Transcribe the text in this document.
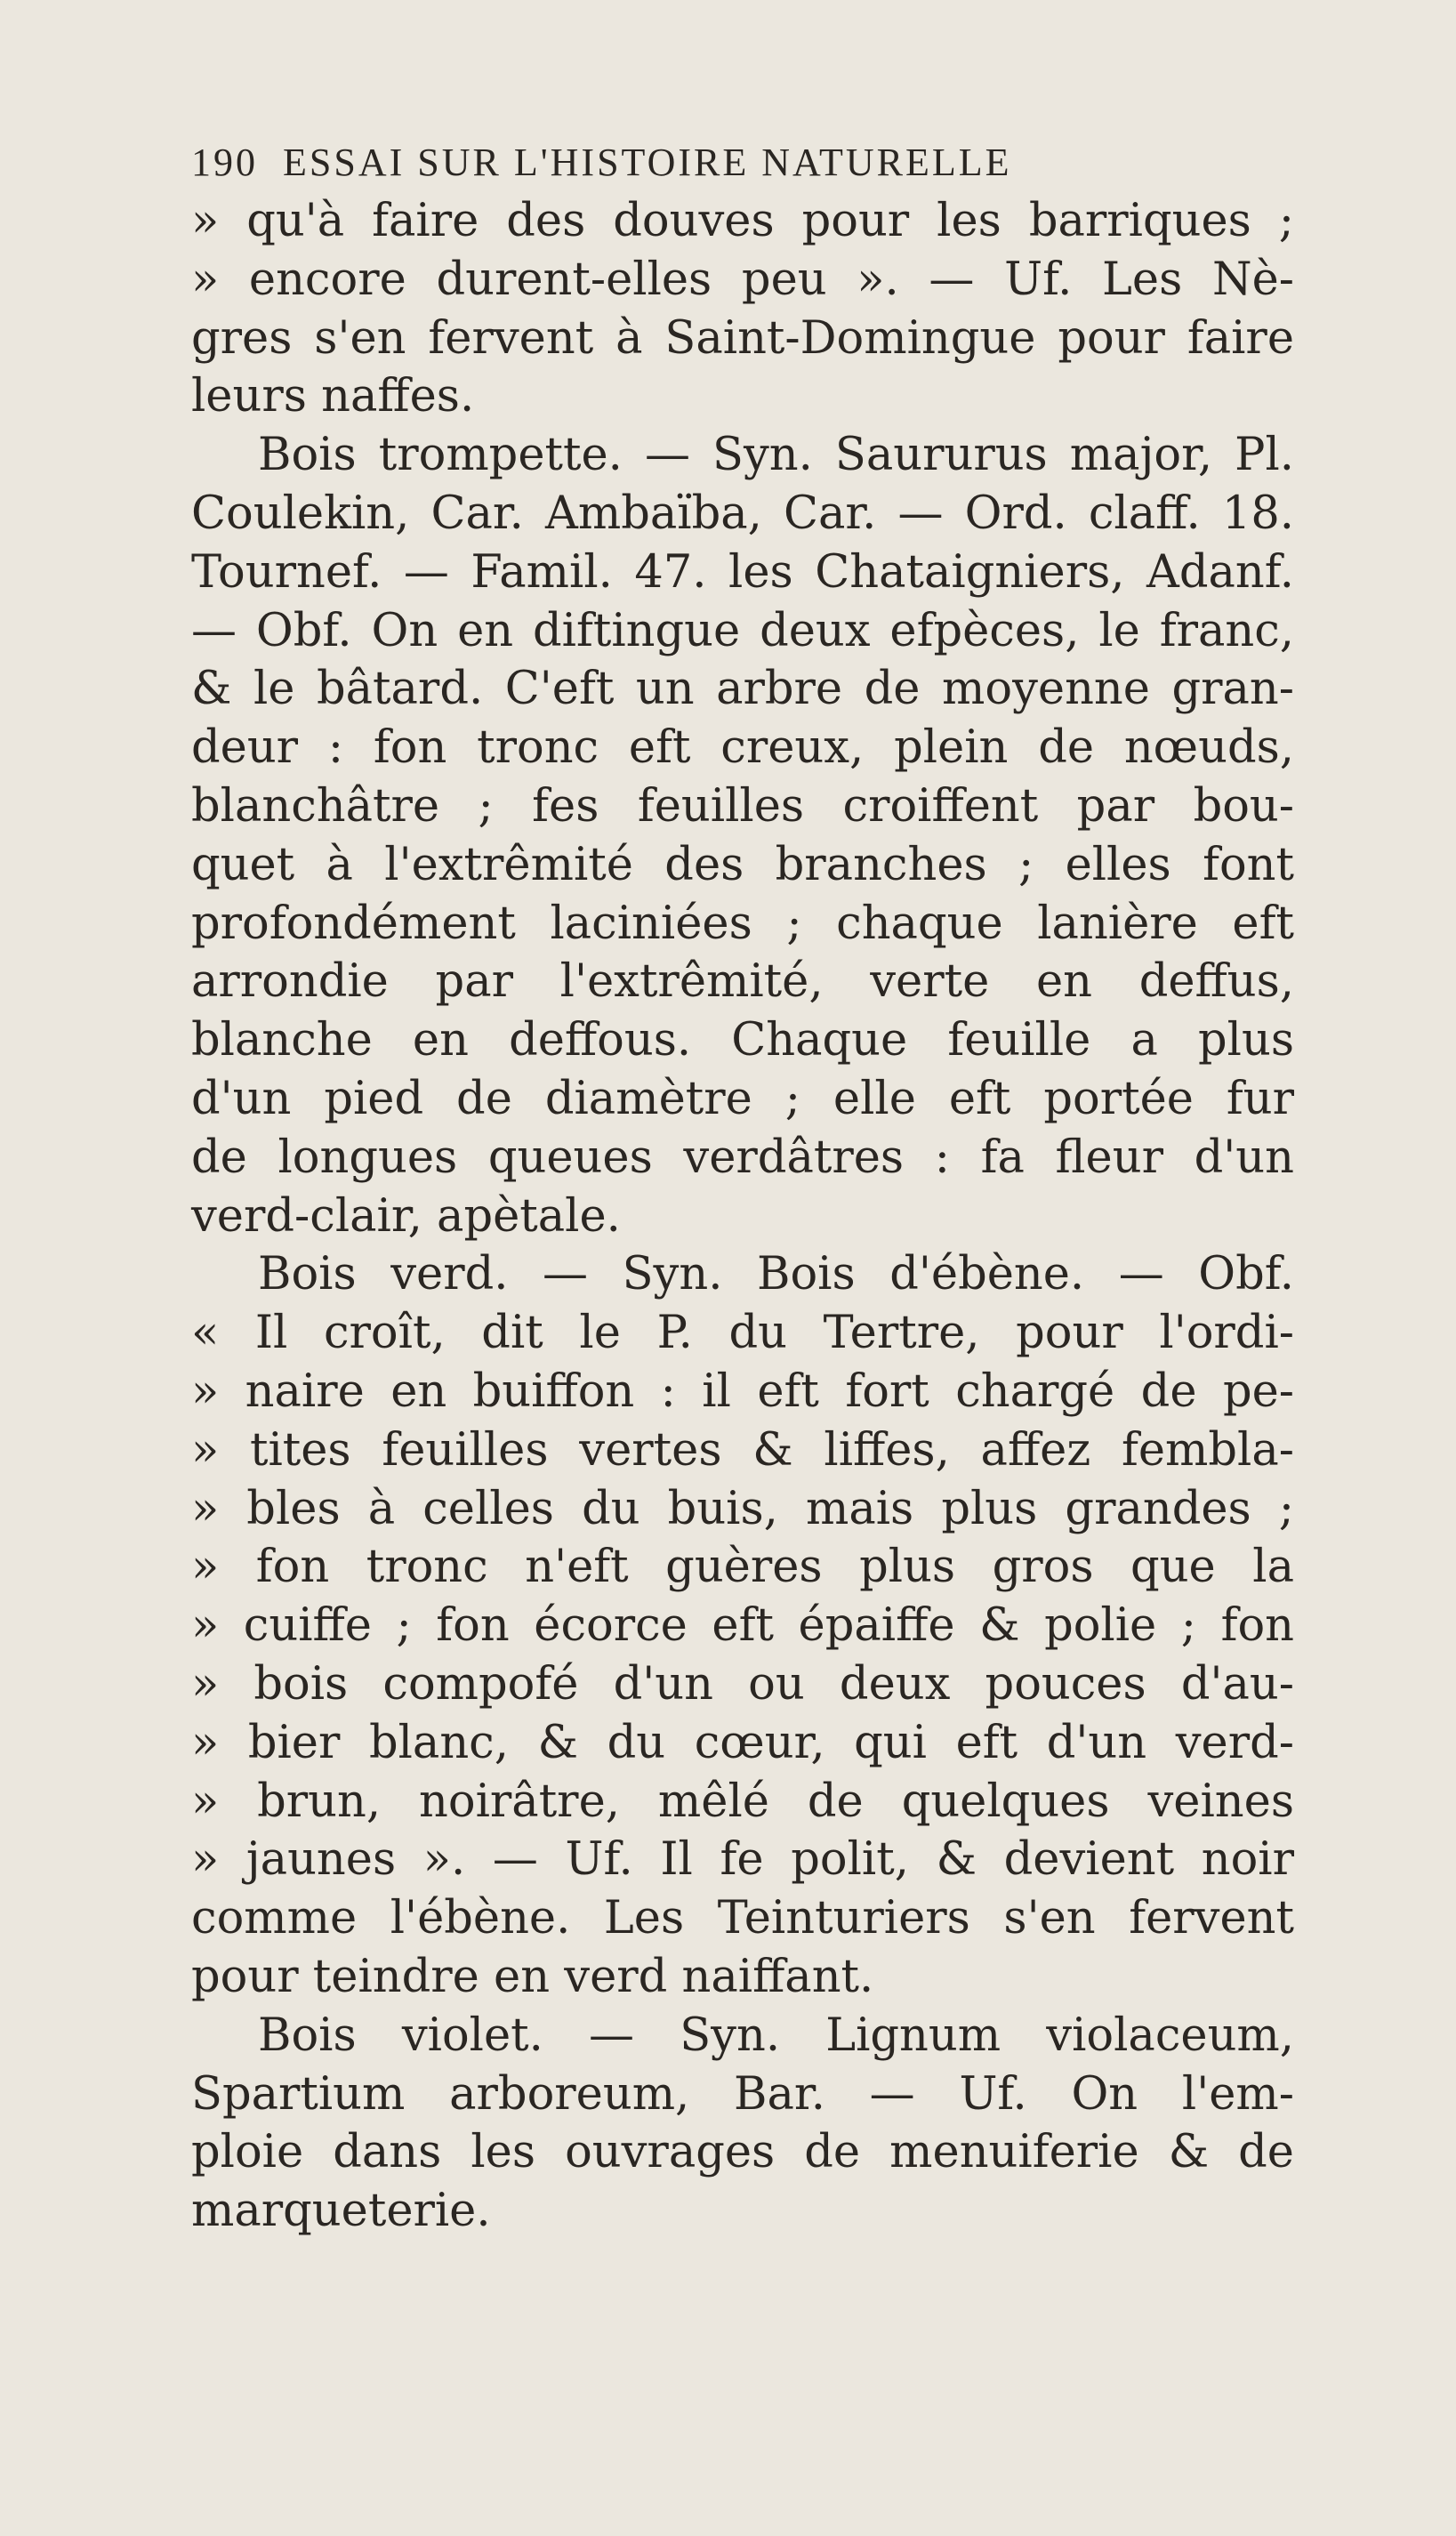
190 ESSAI SUR L'HISTOIRE NATURELLE
» qu'à faire des douves pour les barriques ;
» encore durent-elles peu ». — Uf. Les Nè-
gres s'en fervent à Saint-Domingue pour faire
leurs naffes.
Bois trompette. — Syn. Saururus major, Pl.
Coulekin, Car. Ambaïba, Car. — Ord. claff. 18.
Tournef. — Famil. 47. les Chataigniers, Adanf.
— Obf. On en diftingue deux efpèces, le franc,
& le bâtard. C'eft un arbre de moyenne gran-
deur : fon tronc eft creux, plein de nœuds,
blanchâtre ; fes feuilles croiffent par bou-
quet à l'extrêmité des branches ; elles font
profondément laciniées ; chaque lanière eft
arrondie par l'extrêmité, verte en deffus,
blanche en deffous. Chaque feuille a plus
d'un pied de diamètre ; elle eft portée fur
de longues queues verdâtres : fa fleur d'un
verd-clair, apètale.
Bois verd. — Syn. Bois d'ébène. — Obf.
« Il croît, dit le P. du Tertre, pour l'ordi-
» naire en buiffon : il eft fort chargé de pe-
» tites feuilles vertes & liffes, affez fembla-
» bles à celles du buis, mais plus grandes ;
» fon tronc n'eft guères plus gros que la
» cuiffe ; fon écorce eft épaiffe & polie ; fon
» bois compofé d'un ou deux pouces d'au-
» bier blanc, & du cœur, qui eft d'un verd-
» brun, noirâtre, mêlé de quelques veines
» jaunes ». — Uf. Il fe polit, & devient noir
comme l'ébène. Les Teinturiers s'en fervent
pour teindre en verd naiffant.
Bois violet. — Syn. Lignum violaceum,
Spartium arboreum, Bar. — Uf. On l'em-
ploie dans les ouvrages de menuiferie & de
marqueterie.
